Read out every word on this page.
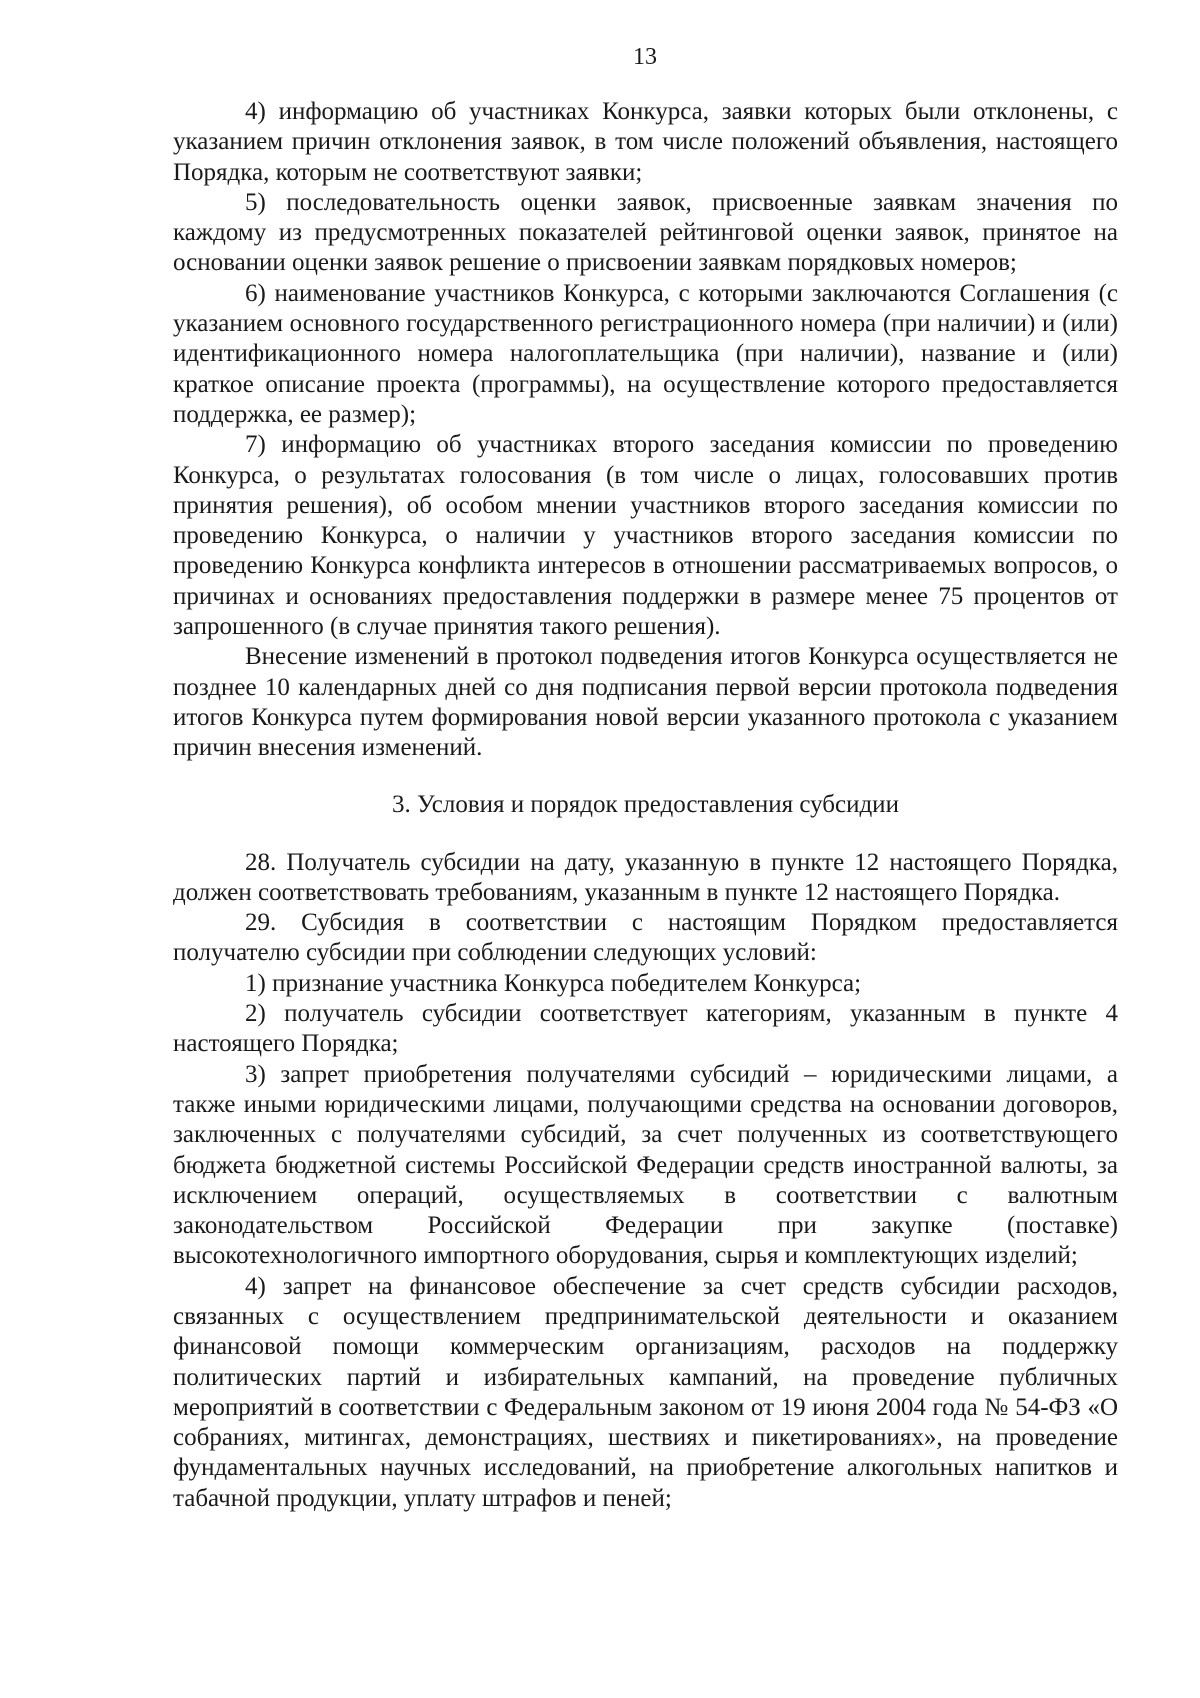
13

4) информацию об участниках Конкурса, заявки которых были отклонены, с указанием причин отклонения заявок, в том числе положений объявления, настоящего Порядка, которым не соответствуют заявки;

5) последовательность оценки заявок, присвоенные заявкам значения по каждому из предусмотренных показателей рейтинговой оценки заявок, принятое на основании оценки заявок решение о присвоении заявкам порядковых номеров;

6) наименование участников Конкурса, с которыми заключаются Соглашения (с указанием основного государственного регистрационного номера (при наличии) и (или) идентификационного номера налогоплательщика (при наличии), название и (или) краткое описание проекта (программы), на осуществление которого предоставляется поддержка, ее размер);

7) информацию об участниках второго заседания комиссии по проведению Конкурса, о результатах голосования (в том числе о лицах, голосовавших против принятия решения), об особом мнении участников второго заседания комиссии по проведению Конкурса, о наличии у участников второго заседания комиссии по проведению Конкурса конфликта интересов в отношении рассматриваемых вопросов, о причинах и основаниях предоставления поддержки в размере менее 75 процентов от запрошенного (в случае принятия такого решения).

Внесение изменений в протокол подведения итогов Конкурса осуществляется не позднее 10 календарных дней со дня подписания первой версии протокола подведения итогов Конкурса путем формирования новой версии указанного протокола с указанием причин внесения изменений.

3. Условия и порядок предоставления субсидии

28. Получатель субсидии на дату, указанную в пункте 12 настоящего Порядка, должен соответствовать требованиям, указанным в пункте 12 настоящего Порядка.

29. Субсидия в соответствии с настоящим Порядком предоставляется получателю субсидии при соблюдении следующих условий:

1) признание участника Конкурса победителем Конкурса;

2) получатель субсидии соответствует категориям, указанным в пункте 4 настоящего Порядка;

3) запрет приобретения получателями субсидий – юридическими лицами, а также иными юридическими лицами, получающими средства на основании договоров, заключенных с получателями субсидий, за счет полученных из соответствующего бюджета бюджетной системы Российской Федерации средств иностранной валюты, за исключением операций, осуществляемых в соответствии с валютным законодательством Российской Федерации при закупке (поставке) высокотехнологичного импортного оборудования, сырья и комплектующих изделий;

4) запрет на финансовое обеспечение за счет средств субсидии расходов, связанных с осуществлением предпринимательской деятельности и оказанием финансовой помощи коммерческим организациям, расходов на поддержку политических партий и избирательных кампаний, на проведение публичных мероприятий в соответствии с Федеральным законом от 19 июня 2004 года № 54-ФЗ «О собраниях, митингах, демонстрациях, шествиях и пикетированиях», на проведение фундаментальных научных исследований, на приобретение алкогольных напитков и табачной продукции, уплату штрафов и пеней;
